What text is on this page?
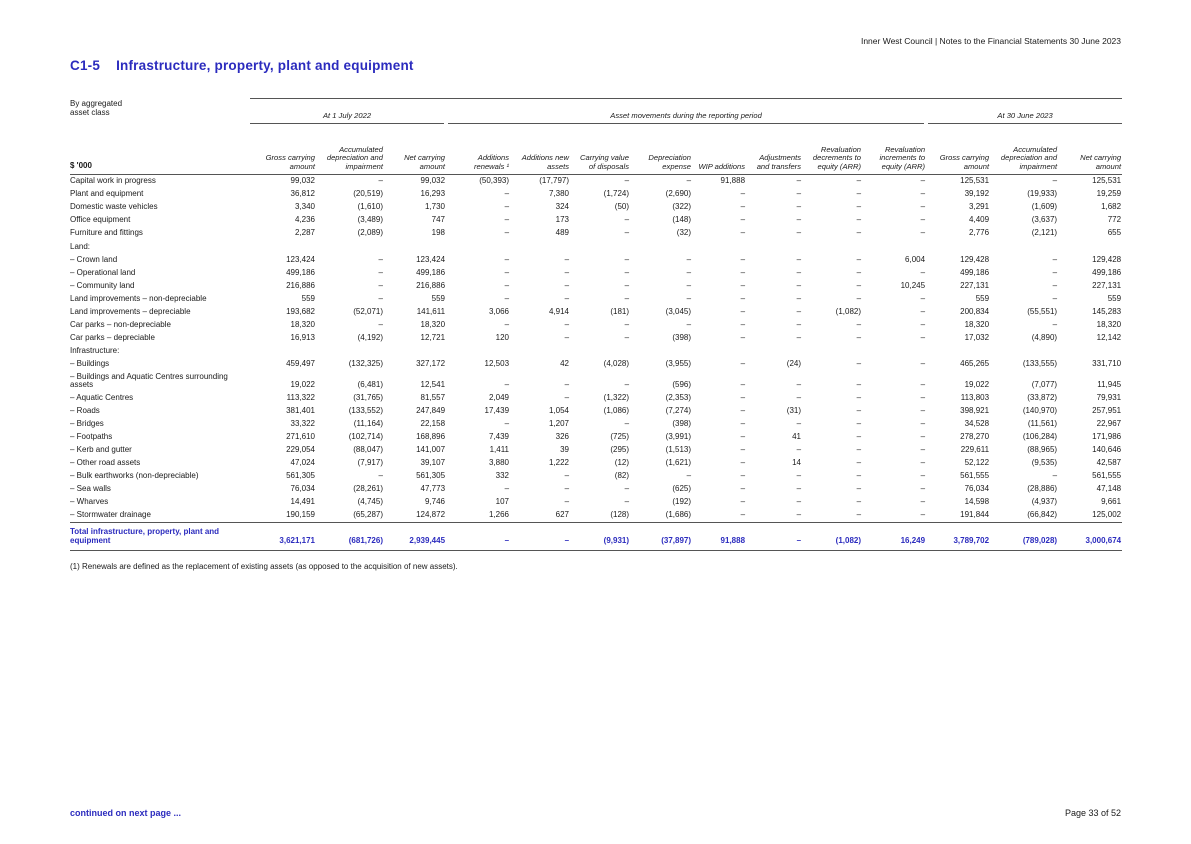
Inner West Council | Notes to the Financial Statements 30 June 2023
C1-5 Infrastructure, property, plant and equipment
By aggregated
asset class
$ '000	At 1 July 2022			Asset movements during the reporting period								At 30 June 2023		
	Gross carrying amount	Accumulated depreciation and impairment	Net carrying amount	Additions renewals ¹	Additions new assets	Carrying value of disposals	Depreciation expense	WIP additions	Adjustments and transfers	Revaluation decrements to equity (ARR)	Revaluation increments to equity (ARR)	Gross carrying amount	Accumulated depreciation and impairment	Net carrying amount
Capital work in progress	99,032	–	99,032	(50,393)	(17,797)	–	–	91,888	–	–	–	125,531	–	125,531
Plant and equipment	36,812	(20,519)	16,293	–	7,380	(1,724)	(2,690)	–	–	–	–	39,192	(19,933)	19,259
Domestic waste vehicles	3,340	(1,610)	1,730	–	324	(50)	(322)	–	–	–	–	3,291	(1,609)	1,682
Office equipment	4,236	(3,489)	747	–	173	–	(148)	–	–	–	–	4,409	(3,637)	772
Furniture and fittings	2,287	(2,089)	198	–	489	–	(32)	–	–	–	–	2,776	(2,121)	655
Land:														
– Crown land	123,424	–	123,424	–	–	–	–	–	–	–	6,004	129,428	–	129,428
– Operational land	499,186	–	499,186	–	–	–	–	–	–	–	–	499,186	–	499,186
– Community land	216,886	–	216,886	–	–	–	–	–	–	–	10,245	227,131	–	227,131
Land improvements – non-depreciable	559	–	559	–	–	–	–	–	–	–	–	559	–	559
Land improvements – depreciable	193,682	(52,071)	141,611	3,066	4,914	(181)	(3,045)	–	–	(1,082)	–	200,834	(55,551)	145,283
Car parks – non-depreciable	18,320	–	18,320	–	–	–	–	–	–	–	–	18,320	–	18,320
Car parks – depreciable	16,913	(4,192)	12,721	120	–	–	(398)	–	–	–	–	17,032	(4,890)	12,142
Infrastructure:														
– Buildings	459,497	(132,325)	327,172	12,503	42	(4,028)	(3,955)	–	(24)	–	–	465,265	(133,555)	331,710
– Buildings and Aquatic Centres surrounding assets	19,022	(6,481)	12,541	–	–	–	(596)	–	–	–	–	19,022	(7,077)	11,945
– Aquatic Centres	113,322	(31,765)	81,557	2,049	–	(1,322)	(2,353)	–	–	–	–	113,803	(33,872)	79,931
– Roads	381,401	(133,552)	247,849	17,439	1,054	(1,086)	(7,274)	–	(31)	–	–	398,921	(140,970)	257,951
– Bridges	33,322	(11,164)	22,158	–	1,207	–	(398)	–	–	–	–	34,528	(11,561)	22,967
– Footpaths	271,610	(102,714)	168,896	7,439	326	(725)	(3,991)	–	41	–	–	278,270	(106,284)	171,986
– Kerb and gutter	229,054	(88,047)	141,007	1,411	39	(295)	(1,513)	–	–	–	–	229,611	(88,965)	140,646
– Other road assets	47,024	(7,917)	39,107	3,880	1,222	(12)	(1,621)	–	14	–	–	52,122	(9,535)	42,587
– Bulk earthworks (non-depreciable)	561,305	–	561,305	332	–	(82)	–	–	–	–	–	561,555	–	561,555
– Sea walls	76,034	(28,261)	47,773	–	–	–	(625)	–	–	–	–	76,034	(28,886)	47,148
– Wharves	14,491	(4,745)	9,746	107	–	–	(192)	–	–	–	–	14,598	(4,937)	9,661
– Stormwater drainage	190,159	(65,287)	124,872	1,266	627	(128)	(1,686)	–	–	–	–	191,844	(66,842)	125,002
Total infrastructure, property, plant and equipment	3,621,171	(681,726)	2,939,445	–	–	(9,931)	(37,897)	91,888	–	(1,082)	16,249	3,789,702	(789,028)	3,000,674
(1) Renewals are defined as the replacement of existing assets (as opposed to the acquisition of new assets).
continued on next page ...	Page 33 of 52
